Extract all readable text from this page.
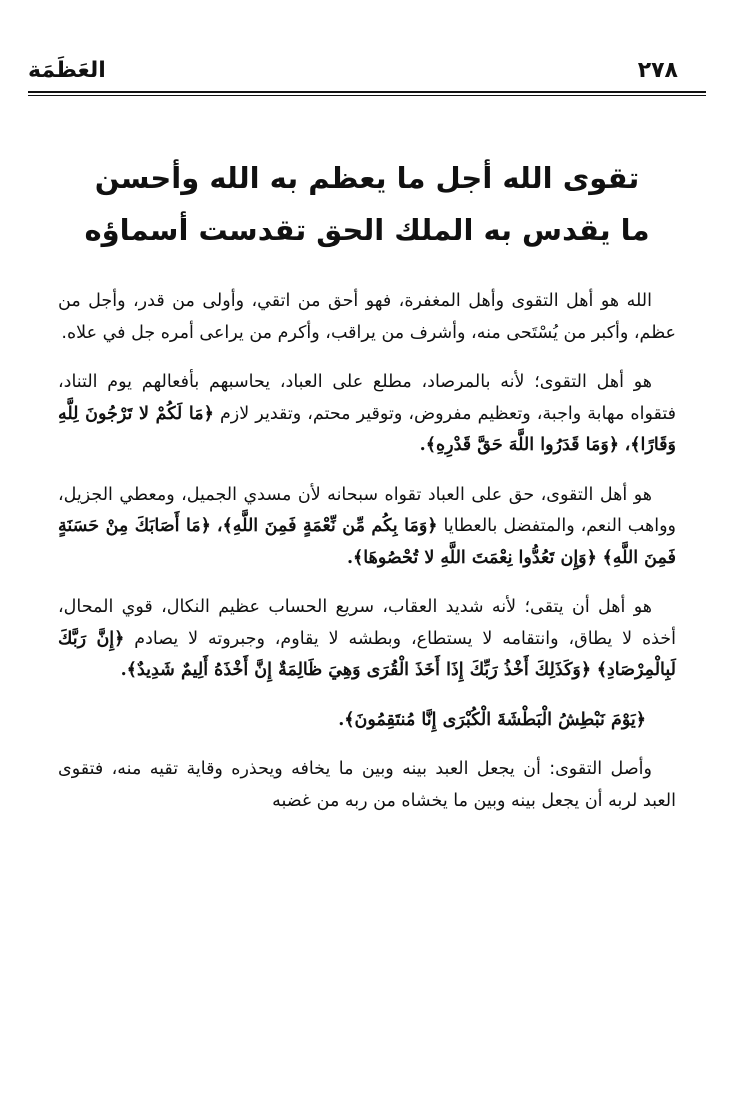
العَظَمَة	٢٧٨
تقوى الله أجل ما يعظم به الله وأحسن
ما يقدس به الملك الحق تقدست أسماؤه

الله هو أهل التقوى وأهل المغفرة، فهو أحق من اتقي، وأولى من قدر، وأجل من عظم، وأكبر من يُسْتَحى منه، وأشرف من يراقب، وأكرم من يراعى أمره جل في علاه.

هو أهل التقوى؛ لأنه بالمرصاد، مطلع على العباد، يحاسبهم بأفعالهم يوم التناد، فتقواه مهابة واجبة، وتعظيم مفروض، وتوقير محتم، وتقدير لازم ﴿مَا لَكُمْ لا تَرْجُونَ لِلَّهِ وَقَارًا﴾، ﴿وَمَا قَدَرُوا اللَّهَ حَقَّ قَدْرِهِ﴾.

هو أهل التقوى، حق على العباد تقواه سبحانه لأن مسدي الجميل، ومعطي الجزيل، وواهب النعم، والمتفضل بالعطايا ﴿وَمَا بِكُم مِّن نِّعْمَةٍ فَمِنَ اللَّهِ﴾، ﴿مَا أَصَابَكَ مِنْ حَسَنَةٍ فَمِنَ اللَّهِ﴾ ﴿وَإِن تَعُدُّوا نِعْمَتَ اللَّهِ لا تُحْصُوهَا﴾.

هو أهل أن يتقى؛ لأنه شديد العقاب، سريع الحساب عظيم النكال، قوي المحال، أخذه لا يطاق، وانتقامه لا يستطاع، وبطشه لا يقاوم، وجبروته لا يصادم ﴿إِنَّ رَبَّكَ لَبِالْمِرْصَادِ﴾ ﴿وَكَذَلِكَ أَخْذُ رَبِّكَ إِذَا أَخَذَ الْقُرَى وَهِيَ ظَالِمَةٌ إِنَّ أَخْذَهُ أَلِيمٌ شَدِيدٌ﴾.

﴿يَوْمَ نَبْطِشُ الْبَطْشَةَ الْكُبْرَى إِنَّا مُنتَقِمُونَ﴾.

وأصل التقوى: أن يجعل العبد بينه وبين ما يخافه ويحذره وقاية تقيه منه، فتقوى العبد لربه أن يجعل بينه وبين ما يخشاه من ربه من غضبه
